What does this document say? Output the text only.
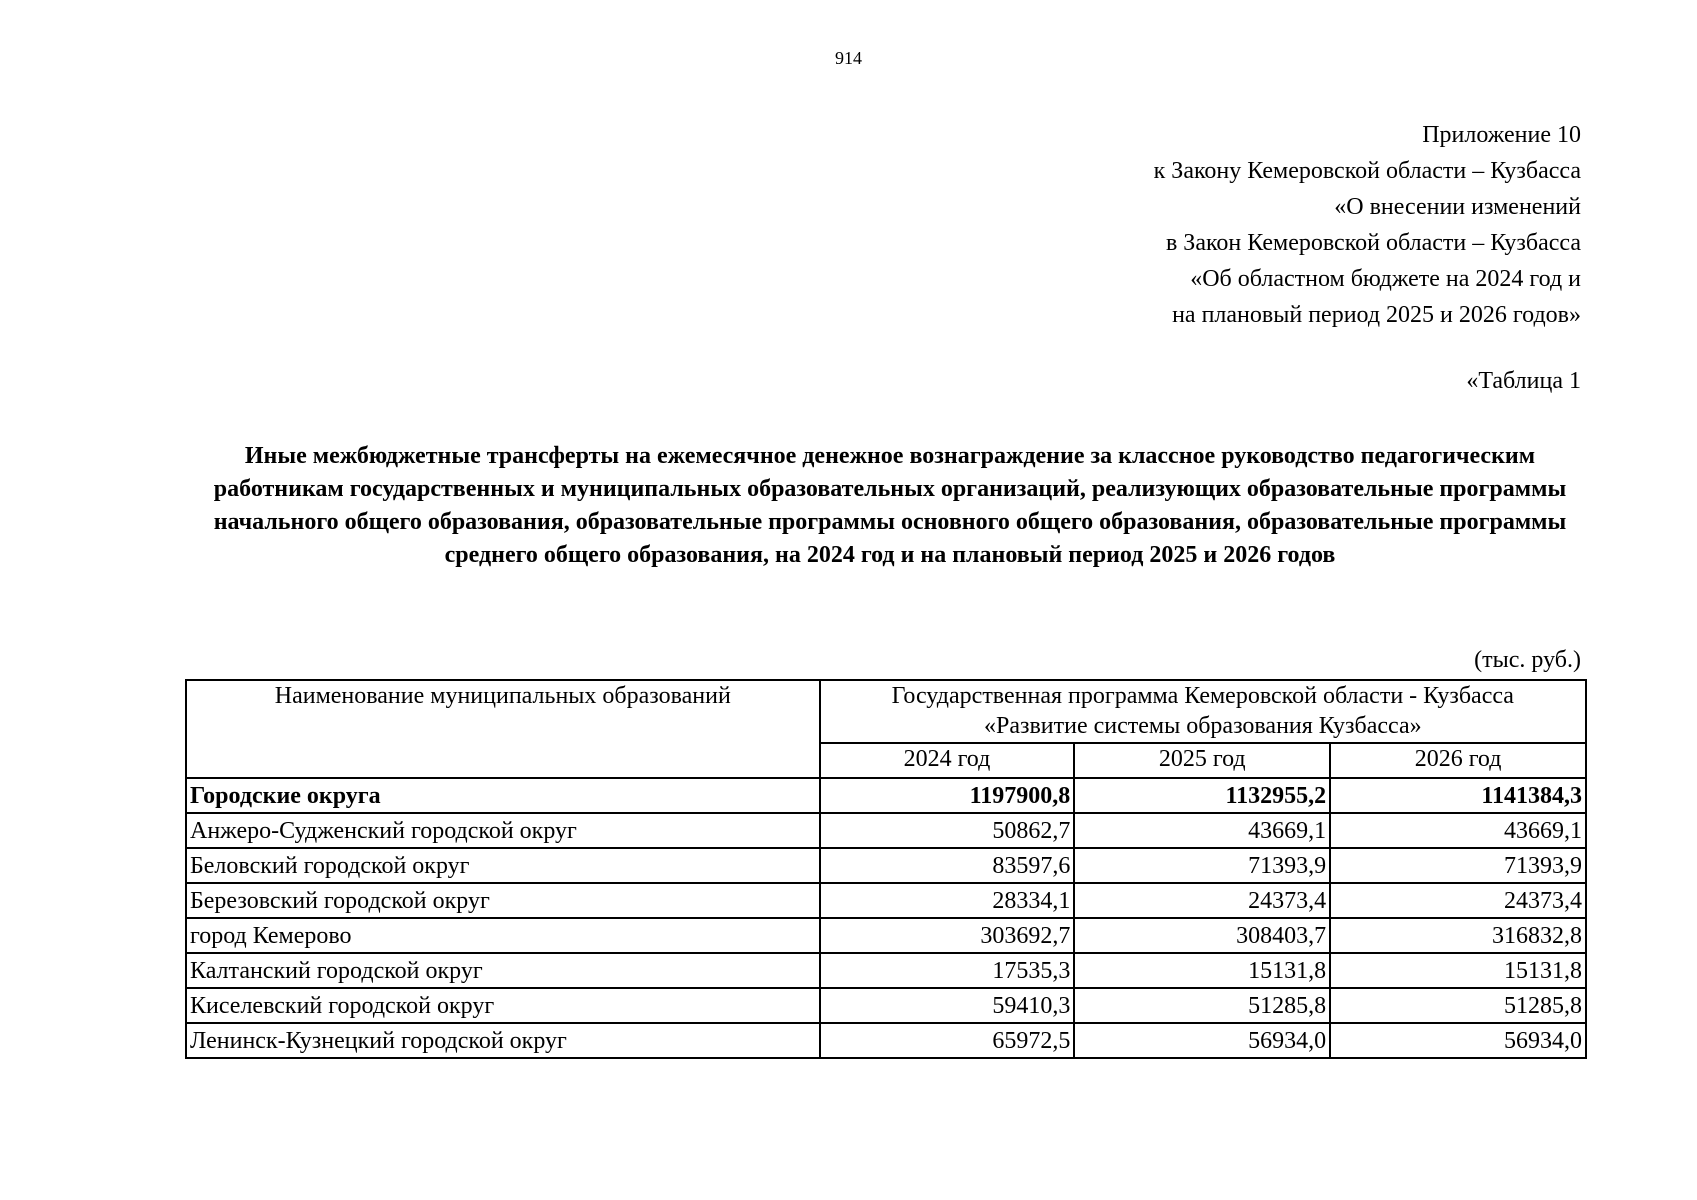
914
Приложение 10
к Закону Кемеровской области – Кузбасса
«О внесении изменений
в Закон Кемеровской области – Кузбасса
«Об областном бюджете на 2024 год и
на плановый период 2025 и 2026 годов»
«Таблица 1
Иные межбюджетные трансферты на ежемесячное денежное вознаграждение за классное руководство педагогическим работникам государственных и муниципальных образовательных организаций, реализующих образовательные программы начального общего образования, образовательные программы основного общего образования, образовательные программы среднего общего образования, на 2024 год и на плановый период 2025 и 2026 годов
(тыс. руб.)
Наименование муниципальных образований	Государственная программа Кемеровской области - Кузбасса «Развитие системы образования Кузбасса»		
	2024 год	2025 год	2026 год
Городские округа	1197900,8	1132955,2	1141384,3
Анжеро-Судженский городской округ	50862,7	43669,1	43669,1
Беловский городской округ	83597,6	71393,9	71393,9
Березовский городской округ	28334,1	24373,4	24373,4
город Кемерово	303692,7	308403,7	316832,8
Калтанский городской округ	17535,3	15131,8	15131,8
Киселевский городской округ	59410,3	51285,8	51285,8
Ленинск-Кузнецкий городской округ	65972,5	56934,0	56934,0
